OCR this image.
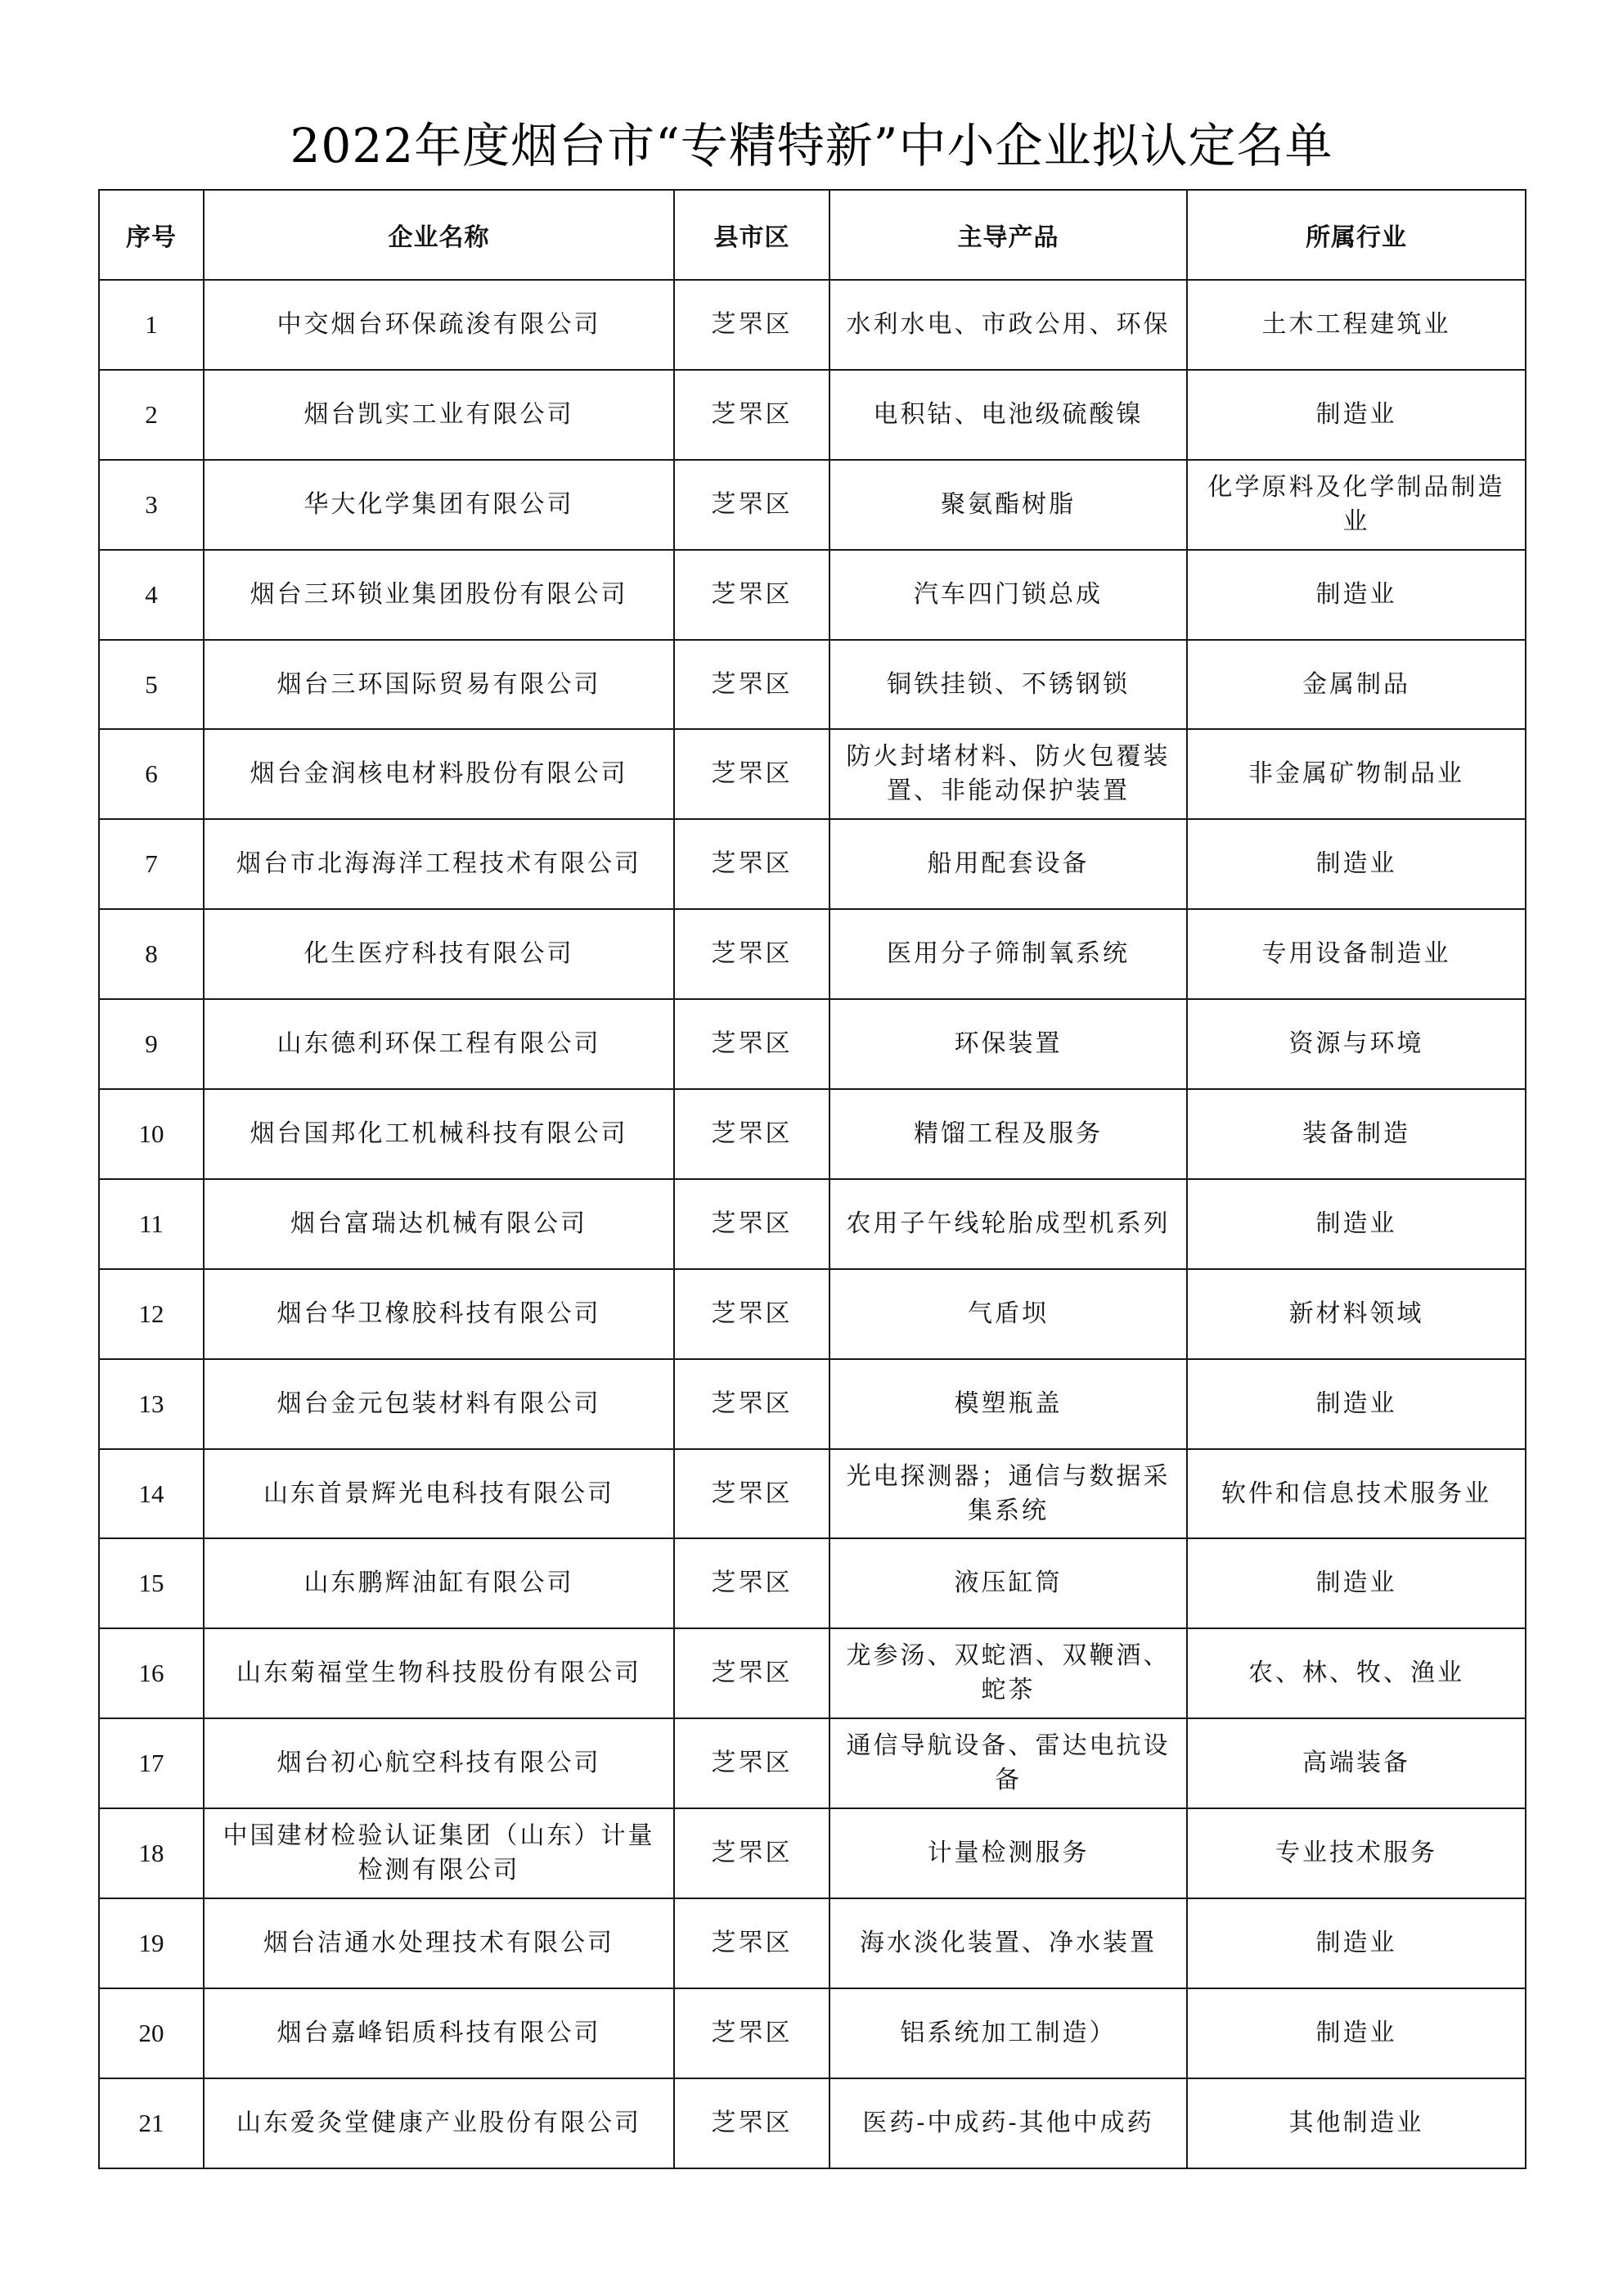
2022年度烟台市“专精特新”中小企业拟认定名单
序号	企业名称	县市区	主导产品	所属行业
1	中交烟台环保疏浚有限公司	芝罘区	水利水电、市政公用、环保	土木工程建筑业
2	烟台凯实工业有限公司	芝罘区	电积钴、电池级硫酸镍	制造业
3	华大化学集团有限公司	芝罘区	聚氨酯树脂	化学原料及化学制品制造业
4	烟台三环锁业集团股份有限公司	芝罘区	汽车四门锁总成	制造业
5	烟台三环国际贸易有限公司	芝罘区	铜铁挂锁、不锈钢锁	金属制品
6	烟台金润核电材料股份有限公司	芝罘区	防火封堵材料、防火包覆装置、非能动保护装置	非金属矿物制品业
7	烟台市北海海洋工程技术有限公司	芝罘区	船用配套设备	制造业
8	化生医疗科技有限公司	芝罘区	医用分子筛制氧系统	专用设备制造业
9	山东德利环保工程有限公司	芝罘区	环保装置	资源与环境
10	烟台国邦化工机械科技有限公司	芝罘区	精馏工程及服务	装备制造
11	烟台富瑞达机械有限公司	芝罘区	农用子午线轮胎成型机系列	制造业
12	烟台华卫橡胶科技有限公司	芝罘区	气盾坝	新材料领域
13	烟台金元包装材料有限公司	芝罘区	模塑瓶盖	制造业
14	山东首景辉光电科技有限公司	芝罘区	光电探测器；通信与数据采集系统	软件和信息技术服务业
15	山东鹏辉油缸有限公司	芝罘区	液压缸筒	制造业
16	山东菊福堂生物科技股份有限公司	芝罘区	龙参汤、双蛇酒、双鞭酒、蛇茶	农、林、牧、渔业
17	烟台初心航空科技有限公司	芝罘区	通信导航设备、雷达电抗设备	高端装备
18	中国建材检验认证集团（山东）计量检测有限公司	芝罘区	计量检测服务	专业技术服务
19	烟台洁通水处理技术有限公司	芝罘区	海水淡化装置、净水装置	制造业
20	烟台嘉峰铝质科技有限公司	芝罘区	铝系统加工制造）	制造业
21	山东爱灸堂健康产业股份有限公司	芝罘区	医药-中成药-其他中成药	其他制造业
